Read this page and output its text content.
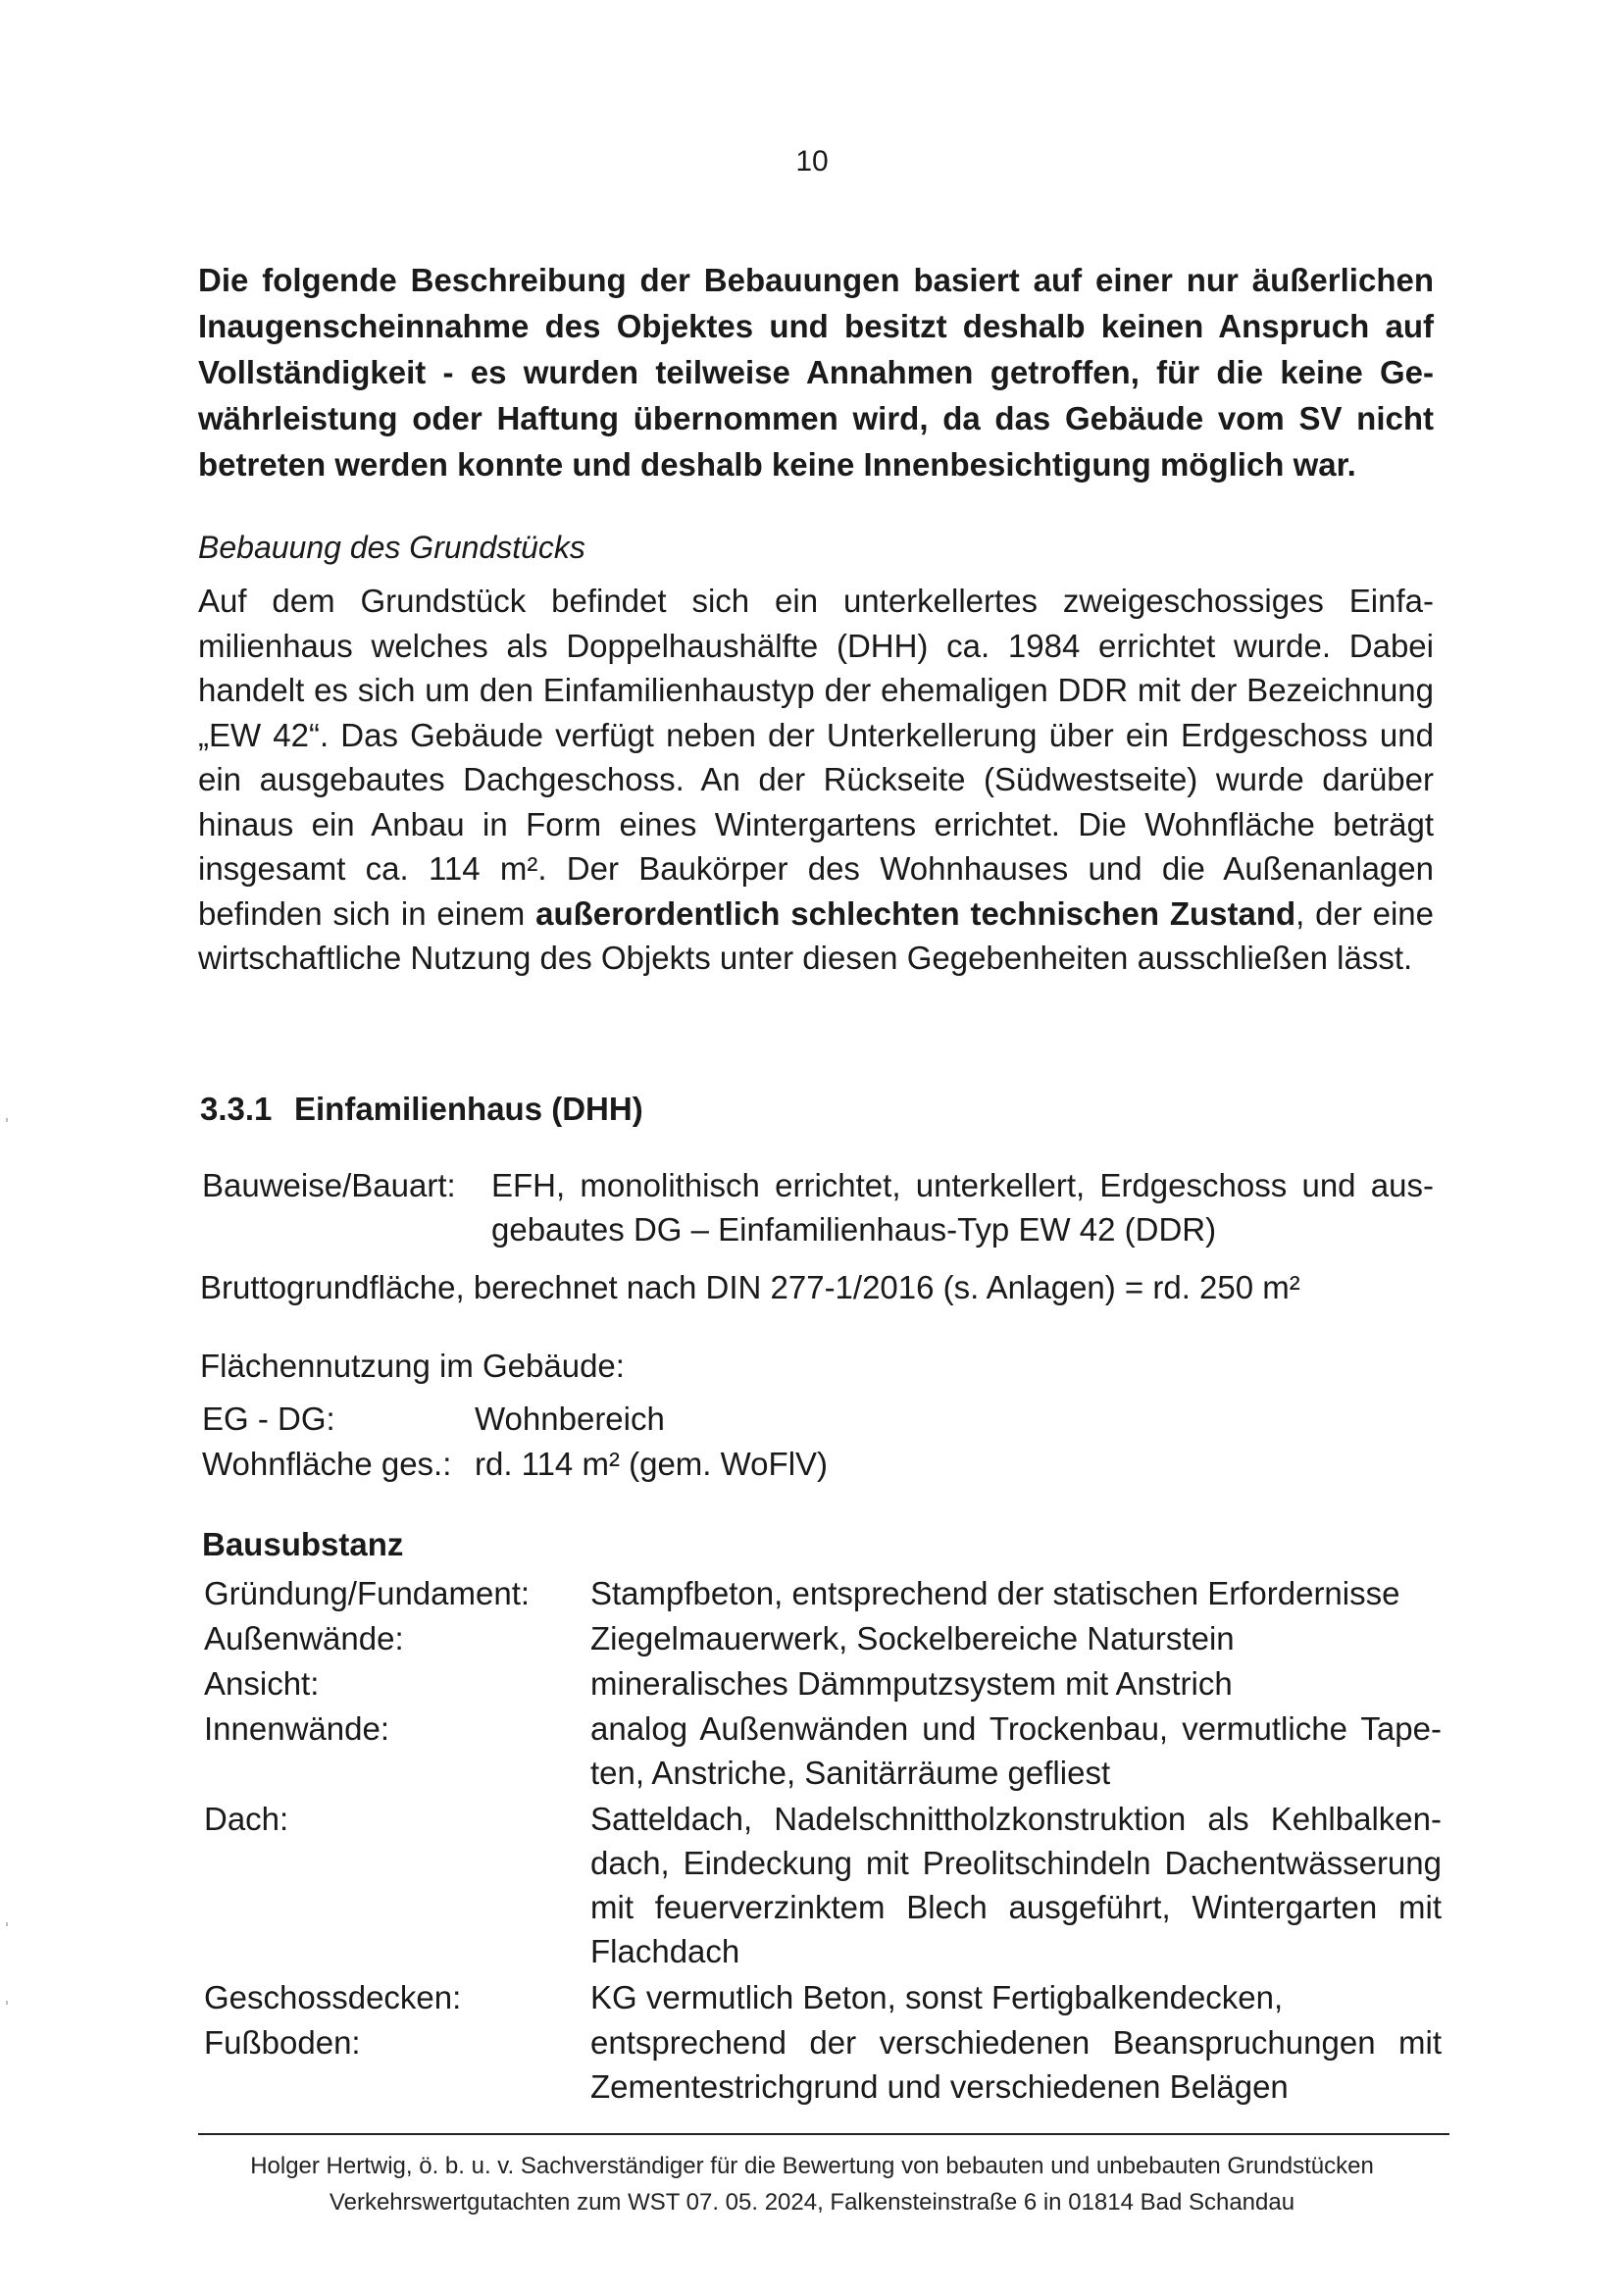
10
Die folgende Beschreibung der Bebauungen basiert auf einer nur äußerlichen Inaugenscheinnahme des Objektes und besitzt deshalb keinen Anspruch auf Vollständigkeit - es wurden teilweise Annahmen getroffen, für die keine Gewährleistung oder Haftung übernommen wird, da das Gebäude vom SV nicht betreten werden konnte und deshalb keine Innenbesichtigung möglich war.
Bebauung des Grundstücks
Auf dem Grundstück befindet sich ein unterkellertes zweigeschossiges Einfamilienhaus welches als Doppelhaushälfte (DHH) ca. 1984 errichtet wurde. Dabei handelt es sich um den Einfamilienhaustyp der ehemaligen DDR mit der Bezeichnung „EW 42“. Das Gebäude verfügt neben der Unterkellerung über ein Erdgeschoss und ein ausgebautes Dachgeschoss. An der Rückseite (Südwestseite) wurde darüber hinaus ein Anbau in Form eines Wintergartens errichtet. Die Wohnfläche beträgt insgesamt ca. 114 m². Der Baukörper des Wohnhauses und die Außenanlagen befinden sich in einem außerordentlich schlechten technischen Zustand, der eine wirtschaftliche Nutzung des Objekts unter diesen Gegebenheiten ausschließen lässt.
3.3.1 Einfamilienhaus (DHH)
Bauweise/Bauart: EFH, monolithisch errichtet, unterkellert, Erdgeschoss und ausgebautes DG – Einfamilienhaus-Typ EW 42 (DDR)
Bruttogrundfläche, berechnet nach DIN 277-1/2016 (s. Anlagen) = rd. 250 m²
Flächennutzung im Gebäude:
EG - DG:	Wohnbereich
Wohnfläche ges.: rd. 114 m² (gem. WoFlV)
Bausubstanz
Gründung/Fundament: Stampfbeton, entsprechend der statischen Erfordernisse
Außenwände:	Ziegelmauerwerk, Sockelbereiche Naturstein
Ansicht:	mineralisches Dämmputzsystem mit Anstrich
Innenwände:	analog Außenwänden und Trockenbau, vermutliche Tapeten, Anstriche, Sanitärräume gefliest
Dach:	Satteldach, Nadelschnittholzkonstruktion als Kehlbalkendach, Eindeckung mit Preolitschindeln Dachentwässerung mit feuerverzinktem Blech ausgeführt, Wintergarten mit Flachdach
Geschossdecken:	KG vermutlich Beton, sonst Fertigbalkendecken,
Fußboden:	entsprechend der verschiedenen Beanspruchungen mit Zementestrichgrund und verschiedenen Belägen
Holger Hertwig, ö. b. u. v. Sachverständiger für die Bewertung von bebauten und unbebauten Grundstücken
Verkehrswertgutachten zum WST 07. 05. 2024, Falkensteinstraße 6 in 01814 Bad Schandau
